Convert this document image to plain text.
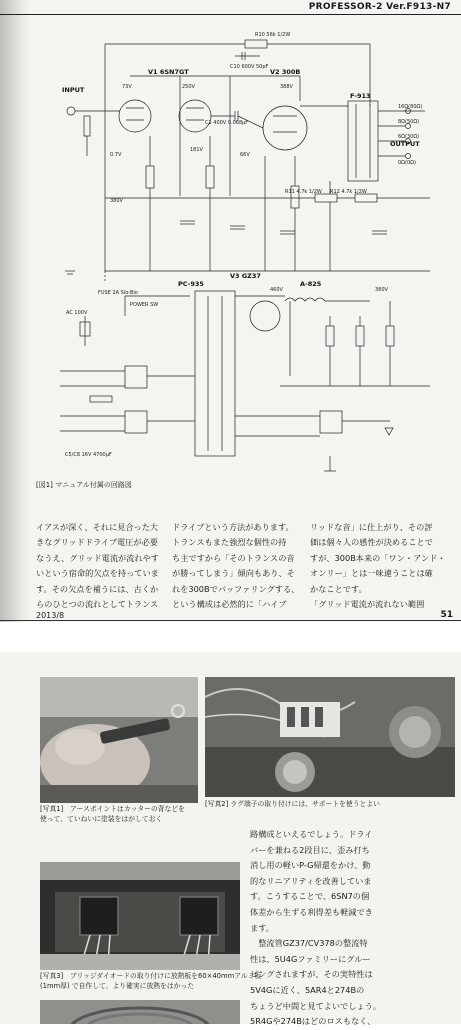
PROFESSOR-2 Ver.F913-N7
R10 56k 1/2W
C10 600V 50pF
V1 6SN7GT	V2 300B
F-913
INPUT
OUTPUT
C1 400V 0.068μF
R11 4.7k 1/2W R12 4.7k 1/2W
16Ω(80Ω)
8Ω(50Ω)
6Ω(30Ω)
0Ω(0Ω)
73V	250V
181V
388V
380V
0.7V	66V
460V
380V
PC-935
V3 GZ37
A-825
POWER SW
FUSE 2A Slo-Blo
AC 100V
C5/C8 16V 4700μF
[図1] マニュアル付属の回路図
イアスが深く、それに見合った大
きなグリッドドライブ電圧が必要
なうえ、グリッド電流が流れやす
いという宿命的欠点を持っていま
す。その欠点を補うには、古くか
らのひとつの流れとしてトランス
ドライブという方法があります。
トランスもまた強烈な個性の持
ち主ですから「そのトランスの音
が勝ってしまう」傾向もあり、そ
れを300Bでバッファリングする、
という構成は必然的に「ハイブ
リッドな音」に仕上がり、その評
価は個々人の感性が決めることで
すが、300B本来の「ワン・アンド・
オンリー」とは一味違うことは確
かなことです。
「グリッド電流が流れない範囲
2013/8	51
[写真1]　アースポイントはカッターの背などを
使って、ていねいに塗装をはがしておく
[写真2] ラグ端子の取り付けには、サポートを使うとよい
[写真3]　ブリッジダイオードの取り付けに放熱板を60×40mmアルミ板
(1mm厚) で自作して、より確実に放熱をはかった
路構成といえるでしょう。ドライ
バーを兼ねる2段目に、歪み打ち
消し用の軽いP-G帰還をかけ、動
的なリニアリティを改善していま
す。こうすることで、6SN7の個
体差から生ずる利得差も軽減でき
ます。
　整流管GZ37/CV378の整流特
性は、5U4Gファミリーにグルー
ピングされますが、その実特性は
5V4Gに近く、5AR4と274Bの
ちょうど中間と見てよいでしょう。
5R4Gや274Bはどのロスもなく、
